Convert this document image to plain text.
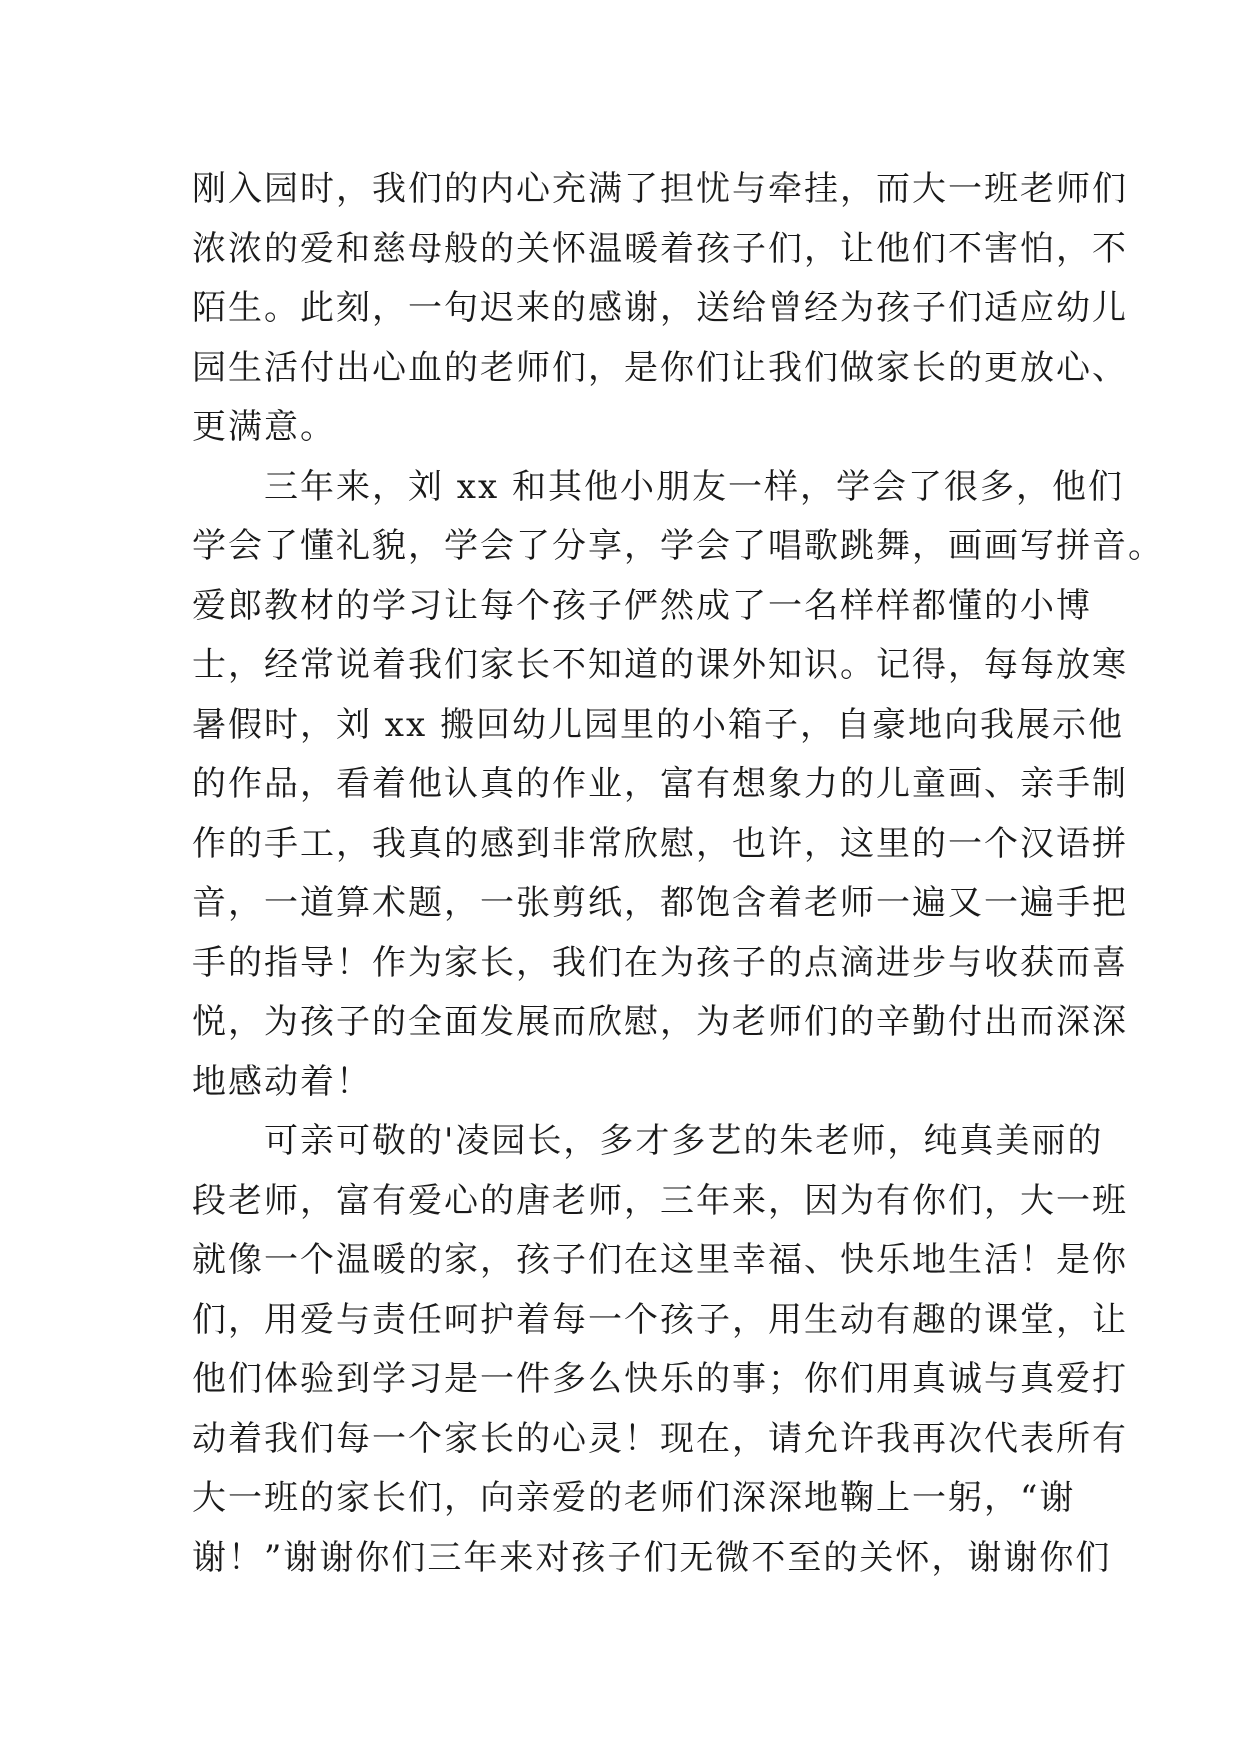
刚入园时，我们的内心充满了担忧与牵挂，而大一班老师们
浓浓的爱和慈母般的关怀温暖着孩子们，让他们不害怕，不
陌生。此刻，一句迟来的感谢，送给曾经为孩子们适应幼儿
园生活付出心血的老师们，是你们让我们做家长的更放心、
更满意。
三年来，刘 xx 和其他小朋友一样，学会了很多，他们
学会了懂礼貌，学会了分享，学会了唱歌跳舞，画画写拼音。
爱郎教材的学习让每个孩子俨然成了一名样样都懂的小博
士，经常说着我们家长不知道的课外知识。记得，每每放寒
暑假时，刘 xx 搬回幼儿园里的小箱子，自豪地向我展示他
的作品，看着他认真的作业，富有想象力的儿童画、亲手制
作的手工，我真的感到非常欣慰，也许，这里的一个汉语拼
音，一道算术题，一张剪纸，都饱含着老师一遍又一遍手把
手的指导！作为家长，我们在为孩子的点滴进步与收获而喜
悦，为孩子的全面发展而欣慰，为老师们的辛勤付出而深深
地感动着！
可亲可敬的'凌园长，多才多艺的朱老师，纯真美丽的
段老师，富有爱心的唐老师，三年来，因为有你们，大一班
就像一个温暖的家，孩子们在这里幸福、快乐地生活！是你
们，用爱与责任呵护着每一个孩子，用生动有趣的课堂，让
他们体验到学习是一件多么快乐的事；你们用真诚与真爱打
动着我们每一个家长的心灵！现在，请允许我再次代表所有
大一班的家长们，向亲爱的老师们深深地鞠上一躬，“谢
谢！”谢谢你们三年来对孩子们无微不至的关怀，谢谢你们
